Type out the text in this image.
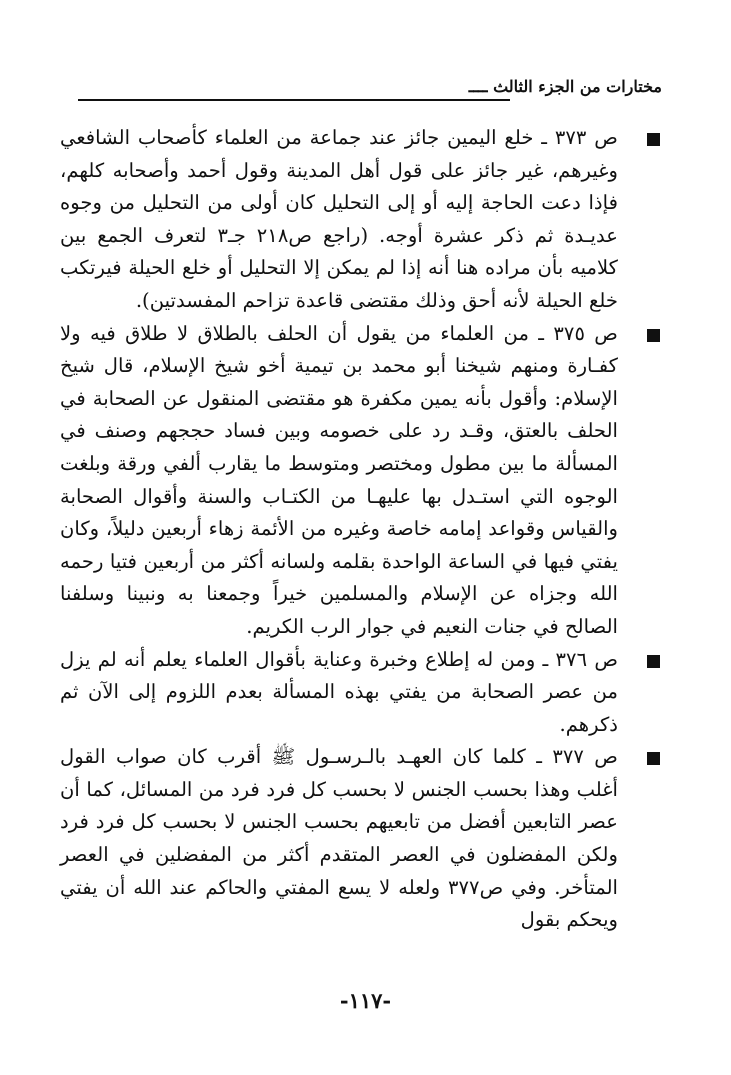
مختارات من الجزء الثالث ــــ

ص ٣٧٣ ـ خلع اليمين جائز عند جماعة من العلماء كأصحاب الشافعي وغيرهم، غير جائز على قول أهل المدينة وقول أحمد وأصحابه كلهم، فإذا دعت الحاجة إليه أو إلى التحليل كان أولى من التحليل من وجوه عديـدة ثم ذكر عشرة أوجه. (راجع ص٢١٨ جـ٣ لتعرف الجمع بين كلاميه بأن مراده هنا أنه إذا لم يمكن إلا التحليل أو خلع الحيلة فيرتكب خلع الحيلة لأنه أحق وذلك مقتضى قاعدة تزاحم المفسدتين).

ص ٣٧٥ ـ من العلماء من يقول أن الحلف بالطلاق لا طلاق فيه ولا كفـارة ومنهم شيخنا أبو محمد بن تيمية أخو شيخ الإسلام، قال شيخ الإسلام: وأقول بأنه يمين مكفرة هو مقتضى المنقول عن الصحابة في الحلف بالعتق، وقـد رد على خصومه وبين فساد حججهم وصنف في المسألة ما بين مطول ومختصر ومتوسط ما يقارب ألفي ورقة وبلغت الوجوه التي استـدل بها عليهـا من الكتـاب والسنة وأقوال الصحابة والقياس وقواعد إمامه خاصة وغيره من الأئمة زهاء أربعين دليلاً، وكان يفتي فيها في الساعة الواحدة بقلمه ولسانه أكثر من أربعين فتيا رحمه الله وجزاه عن الإسلام والمسلمين خيراً وجمعنا به ونبينا وسلفنا الصالح في جنات النعيم في جوار الرب الكريم.

ص ٣٧٦ ـ ومن له إطلاع وخبرة وعناية بأقوال العلماء يعلم أنه لم يزل من عصر الصحابة من يفتي بهذه المسألة بعدم اللزوم إلى الآن ثم ذكرهم.

ص ٣٧٧ ـ كلما كان العهـد بالـرسـول ﷺ أقرب كان صواب القول أغلب وهذا بحسب الجنس لا بحسب كل فرد فرد من المسائل، كما أن عصر التابعين أفضل من تابعيهم بحسب الجنس لا بحسب كل فرد فرد ولكن المفضلون في العصر المتقدم أكثر من المفضلين في العصر المتأخر. وفي ص٣٧٧ ولعله لا يسع المفتي والحاكم عند الله أن يفتي ويحكم بقول

-١١٧-
